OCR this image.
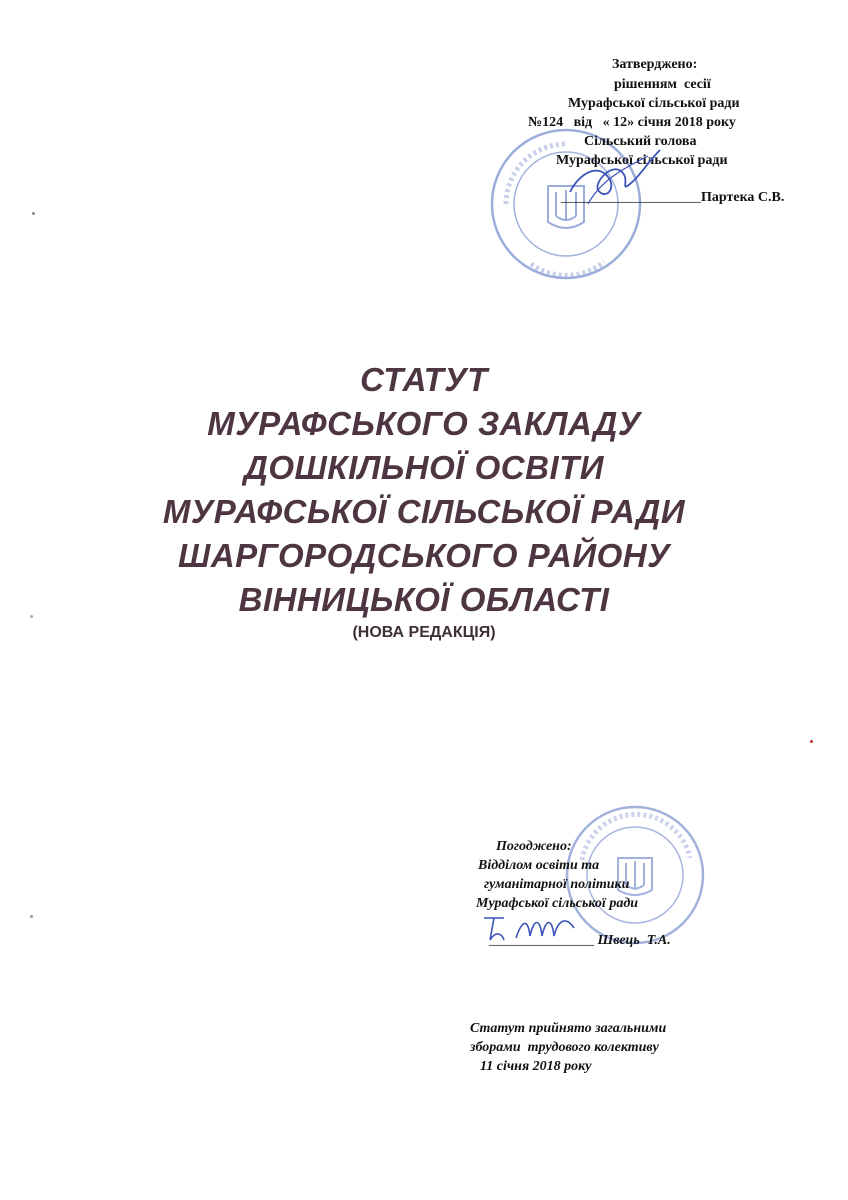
Затверджено:
рішенням  сесії
Мурафської сільської ради
№124   від   « 12» січня 2018 року
Сільський голова
Мурафської сільської ради

____________________Партека С.В.

СТАТУТ
МУРАФСЬКОГО ЗАКЛАДУ
ДОШКІЛЬНОЇ ОСВІТИ
МУРАФСЬКОЇ СІЛЬСЬКОЇ РАДИ
ШАРГОРОДСЬКОГО РАЙОНУ
ВІННИЦЬКОЇ ОБЛАСТІ
(НОВА РЕДАКЦІЯ)
Погоджено:
Відділом освіти та
гуманітарної політики
Мурафської сільської ради

_______________ Швець  Т.А.

Статут прийнято загальними
зборами  трудового колективу
11 січня 2018 року
